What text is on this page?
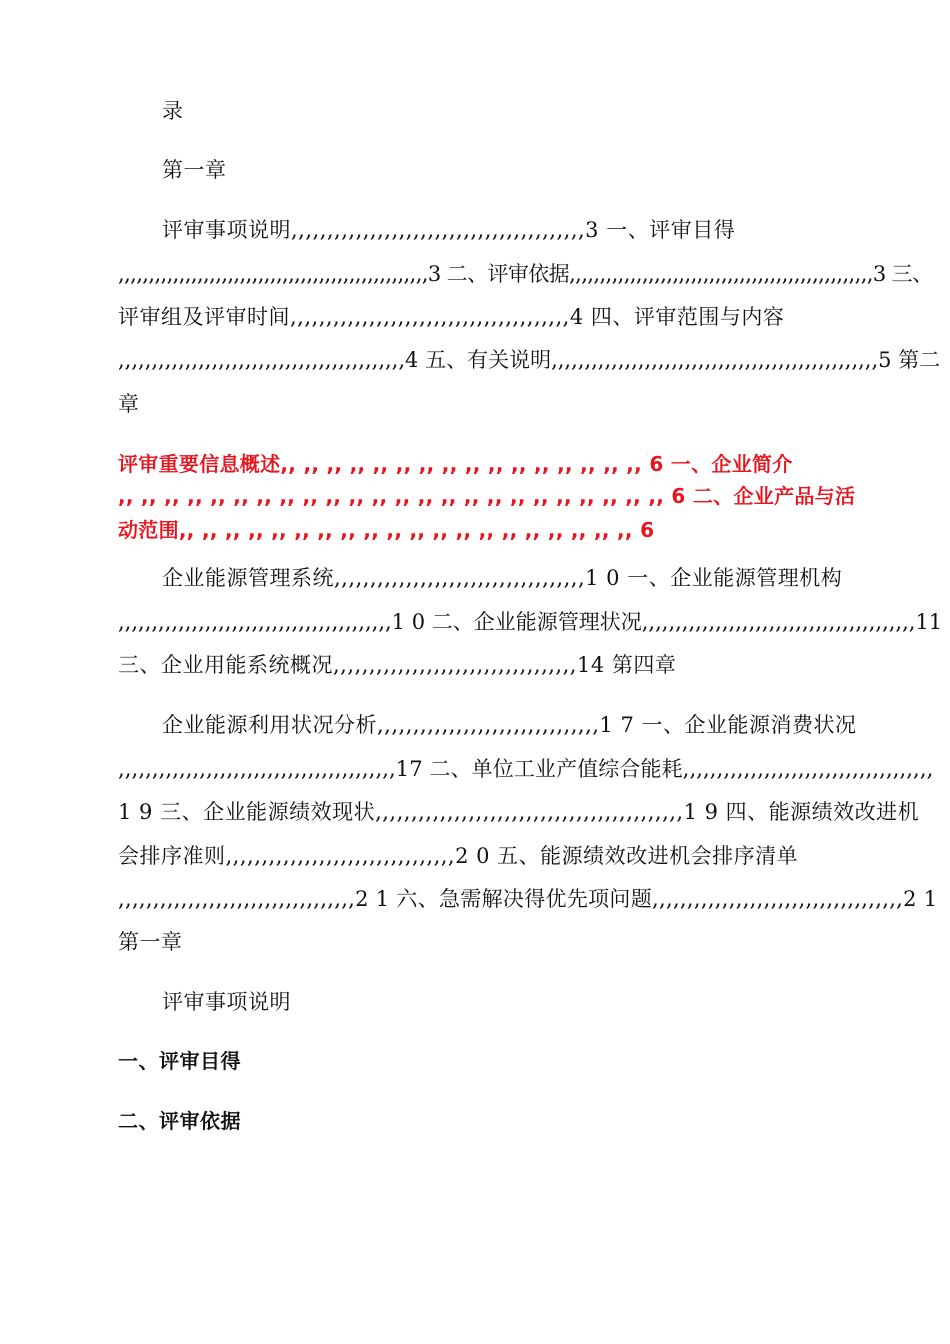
录
第一章
评审事项说明,,,,,,,,,,,,,,,,,,,,,,,,,,,,,,,,,,,,,,,,,3 一、评审目得
,,,,,,,,,,,,,,,,,,,,,,,,,,,,,,,,,,,,,,,,,,,,,,,,,,,3 二、评审依据,,,,,,,,,,,,,,,,,,,,,,,,,,,,,,,,,,,,,,,,,,,,,,,,,,3 三、
评审组及评审时间,,,,,,,,,,,,,,,,,,,,,,,,,,,,,,,,,,,,,,,4 四、评审范围与内容
,,,,,,,,,,,,,,,,,,,,,,,,,,,,,,,,,,,,,,,,,,,4 五、有关说明,,,,,,,,,,,,,,,,,,,,,,,,,,,,,,,,,,,,,,,,,,,,,,,,,5 第二
章
评审重要信息概述,, ,, ,, ,, ,, ,, ,, ,, ,, ,, ,, ,, ,, ,, ,, ,, 6 一、企业简介
,, ,, ,, ,, ,, ,, ,, ,, ,, ,, ,, ,, ,, ,, ,, ,, ,, ,, ,, ,, ,, ,, ,, ,, 6 二、企业产品与活
动范围,, ,, ,, ,, ,, ,, ,, ,, ,, ,, ,, ,, ,, ,, ,, ,, ,, ,, ,, ,, 6
企业能源管理系统,,,,,,,,,,,,,,,,,,,,,,,,,,,,,,,,,,,1 0 一、企业能源管理机构
,,,,,,,,,,,,,,,,,,,,,,,,,,,,,,,,,,,,,,,,,1 0 二、企业能源管理状况,,,,,,,,,,,,,,,,,,,,,,,,,,,,,,,,,,,,,,,,,11
三、企业用能系统概况,,,,,,,,,,,,,,,,,,,,,,,,,,,,,,,,,,14 第四章
企业能源利用状况分析,,,,,,,,,,,,,,,,,,,,,,,,,,,,,,,1 7 一、企业能源消费状况
,,,,,,,,,,,,,,,,,,,,,,,,,,,,,,,,,,,,,,,,,17 二、单位工业产值综合能耗,,,,,,,,,,,,,,,,,,,,,,,,,,,,,,,,,,,,,
1 9 三、企业能源绩效现状,,,,,,,,,,,,,,,,,,,,,,,,,,,,,,,,,,,,,,,,,,,1 9 四、能源绩效改进机
会排序准则,,,,,,,,,,,,,,,,,,,,,,,,,,,,,,,,2 0 五、能源绩效改进机会排序清单
,,,,,,,,,,,,,,,,,,,,,,,,,,,,,,,,,,2 1 六、急需解决得优先项问题,,,,,,,,,,,,,,,,,,,,,,,,,,,,,,,,,,,,2 1
第一章
评审事项说明
一、评审目得
二、评审依据
